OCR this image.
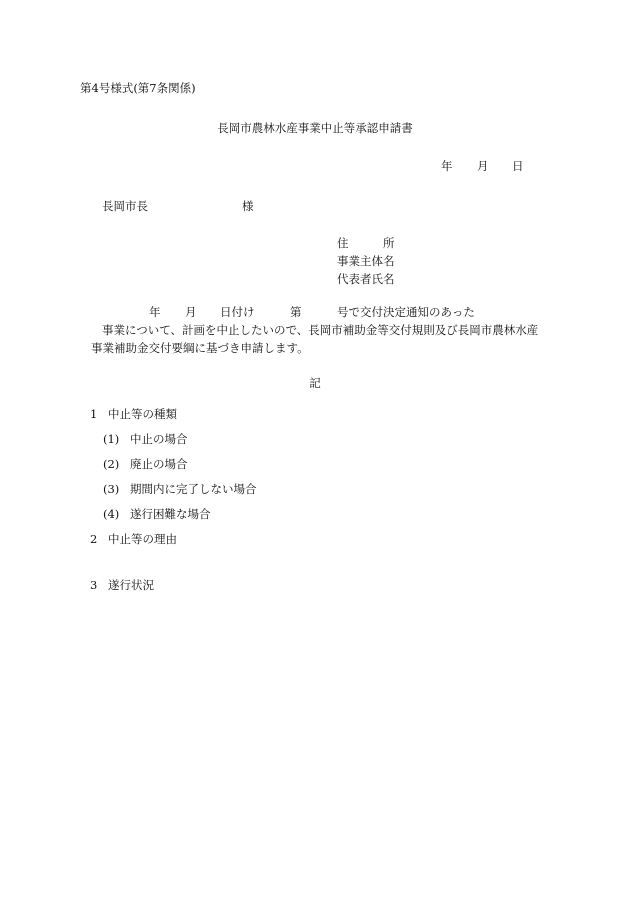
第4号様式(第7条関係)
長岡市農林水産事業中止等承認申請書
年 月 日
長岡市長	様
住	所
事業主体名
代表者氏名
年 月 日付け	第	号で交付決定通知のあった
事業について、計画を中止したいので、長岡市補助金等交付規則及び長岡市農林水産
事業補助金交付要綱に基づき申請します。
記
1 中止等の種類
(1) 中止の場合
(2) 廃止の場合
(3) 期間内に完了しない場合
(4) 遂行困難な場合
2 中止等の理由
3 遂行状況
